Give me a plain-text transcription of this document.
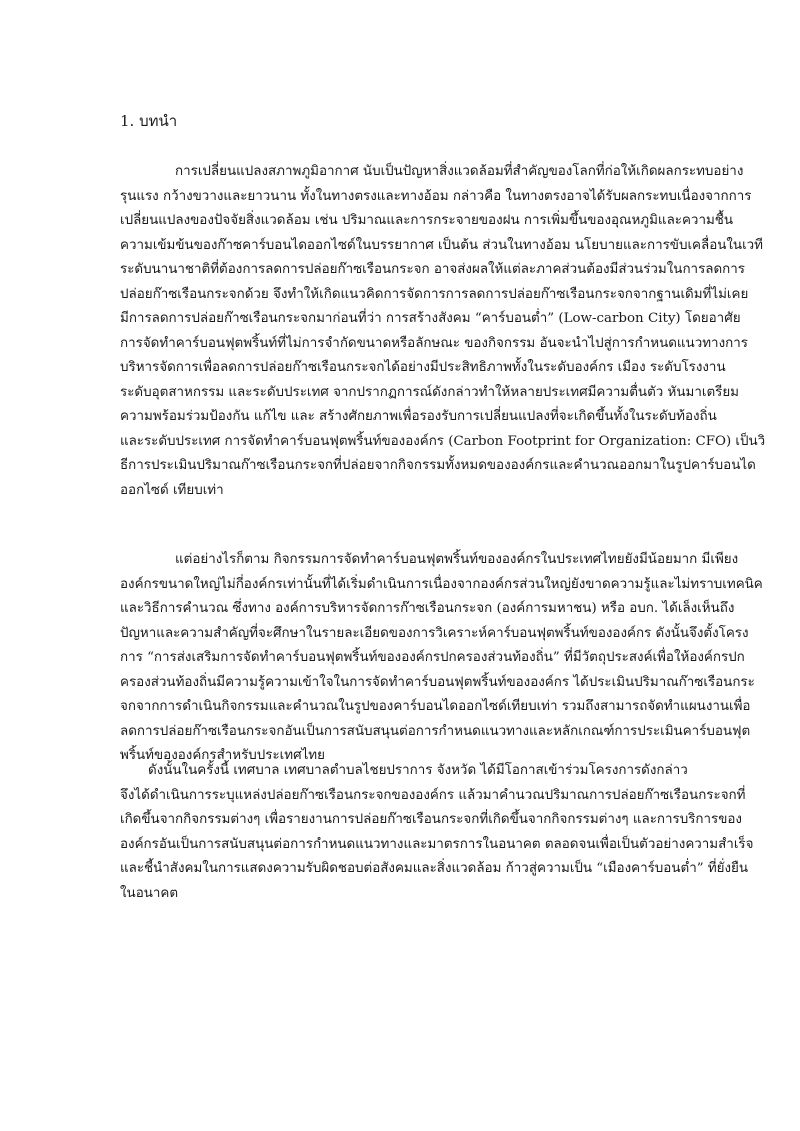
1. บทนำ
การเปลี่ยนแปลงสภาพภูมิอากาศ นับเป็นปัญหาสิ่งแวดล้อมที่สำคัญของโลกที่ก่อให้เกิดผลกระทบอย่าง
รุนแรง กว้างขวางและยาวนาน ทั้งในทางตรงและทางอ้อม กล่าวคือ ในทางตรงอาจได้รับผลกระทบเนื่องจากการ
เปลี่ยนแปลงของปัจจัยสิ่งแวดล้อม เช่น ปริมาณและการกระจายของฝน การเพิ่มขึ้นของอุณหภูมิและความชื้น
ความเข้มข้นของก๊าซคาร์บอนไดออกไซด์ในบรรยากาศ เป็นต้น ส่วนในทางอ้อม นโยบายและการขับเคลื่อนในเวที
ระดับนานาชาติที่ต้องการลดการปล่อยก๊าซเรือนกระจก อาจส่งผลให้แต่ละภาคส่วนต้องมีส่วนร่วมในการลดการ
ปล่อยก๊าซเรือนกระจกด้วย จึงทำให้เกิดแนวคิดการจัดการการลดการปล่อยก๊าซเรือนกระจกจากฐานเดิมที่ไม่เคย
มีการลดการปล่อยก๊าซเรือนกระจกมาก่อนที่ว่า การสร้างสังคม “คาร์บอนต่ำ” (Low-carbon City) โดยอาศัย
การจัดทำคาร์บอนฟุตพริ้นท์ที่ไม่การจำกัดขนาดหรือลักษณะ ของกิจกรรม อันจะนำไปสู่การกำหนดแนวทางการ
บริหารจัดการเพื่อลดการปล่อยก๊าซเรือนกระจกได้อย่างมีประสิทธิภาพทั้งในระดับองค์กร เมือง ระดับโรงงาน
ระดับอุตสาหกรรม และระดับประเทศ จากปรากฏการณ์ดังกล่าวทำให้หลายประเทศมีความตื่นตัว หันมาเตรียม
ความพร้อมร่วมป้องกัน แก้ไข และ สร้างศักยภาพเพื่อรองรับการเปลี่ยนแปลงที่จะเกิดขึ้นทั้งในระดับท้องถิ่น
และระดับประเทศ การจัดทำคาร์บอนฟุตพริ้นท์ขององค์กร (Carbon Footprint for Organization: CFO) เป็นวิ
ธีการประเมินปริมาณก๊าซเรือนกระจกที่ปล่อยจากกิจกรรมทั้งหมดขององค์กรและคำนวณออกมาในรูปคาร์บอนได
ออกไซด์ เทียบเท่า
แต่อย่างไรก็ตาม กิจกรรมการจัดทำคาร์บอนฟุตพริ้นท์ขององค์กรในประเทศไทยยังมีน้อยมาก มีเพียง
องค์กรขนาดใหญ่ไม่กี่องค์กรเท่านั้นที่ได้เริ่มดำเนินการเนื่องจากองค์กรส่วนใหญ่ยังขาดความรู้และไม่ทราบเทคนิค
และวิธีการคำนวณ ซึ่งทาง องค์การบริหารจัดการก๊าซเรือนกระจก (องค์การมหาชน) หรือ อบก. ได้เล็งเห็นถึง
ปัญหาและความสำคัญที่จะศึกษาในรายละเอียดของการวิเคราะห์คาร์บอนฟุตพริ้นท์ขององค์กร ดังนั้นจึงตั้งโครง
การ “การส่งเสริมการจัดทำคาร์บอนฟุตพริ้นท์ขององค์กรปกครองส่วนท้องถิ่น” ที่มีวัตถุประสงค์เพื่อให้องค์กรปก
ครองส่วนท้องถิ่นมีความรู้ความเข้าใจในการจัดทำคาร์บอนฟุตพริ้นท์ขององค์กร ได้ประเมินปริมาณก๊าซเรือนกระ
จกจากการดำเนินกิจกรรมและคำนวณในรูปของคาร์บอนไดออกไซด์เทียบเท่า รวมถึงสามารถจัดทำแผนงานเพื่อ
ลดการปล่อยก๊าซเรือนกระจกอันเป็นการสนับสนุนต่อการกำหนดแนวทางและหลักเกณฑ์การประเมินคาร์บอนฟุต
พริ้นท์ขององค์กรสำหรับประเทศไทย
ดังนั้นในครั้งนี้ เทศบาล เทศบาลตำบลไชยปราการ จังหวัด ได้มีโอกาสเข้าร่วมโครงการดังกล่าว
จึงได้ดำเนินการระบุแหล่งปล่อยก๊าซเรือนกระจกขององค์กร แล้วมาคำนวณปริมาณการปล่อยก๊าซเรือนกระจกที่
เกิดขึ้นจากกิจกรรมต่างๆ เพื่อรายงานการปล่อยก๊าซเรือนกระจกที่เกิดขึ้นจากกิจกรรมต่างๆ และการบริการของ
องค์กรอันเป็นการสนับสนุนต่อการกำหนดแนวทางและมาตรการในอนาคต ตลอดจนเพื่อเป็นตัวอย่างความสำเร็จ
และชี้นำสังคมในการแสดงความรับผิดชอบต่อสังคมและสิ่งแวดล้อม ก้าวสู่ความเป็น “เมืองคาร์บอนต่ำ” ที่ยั่งยืน
ในอนาคต
